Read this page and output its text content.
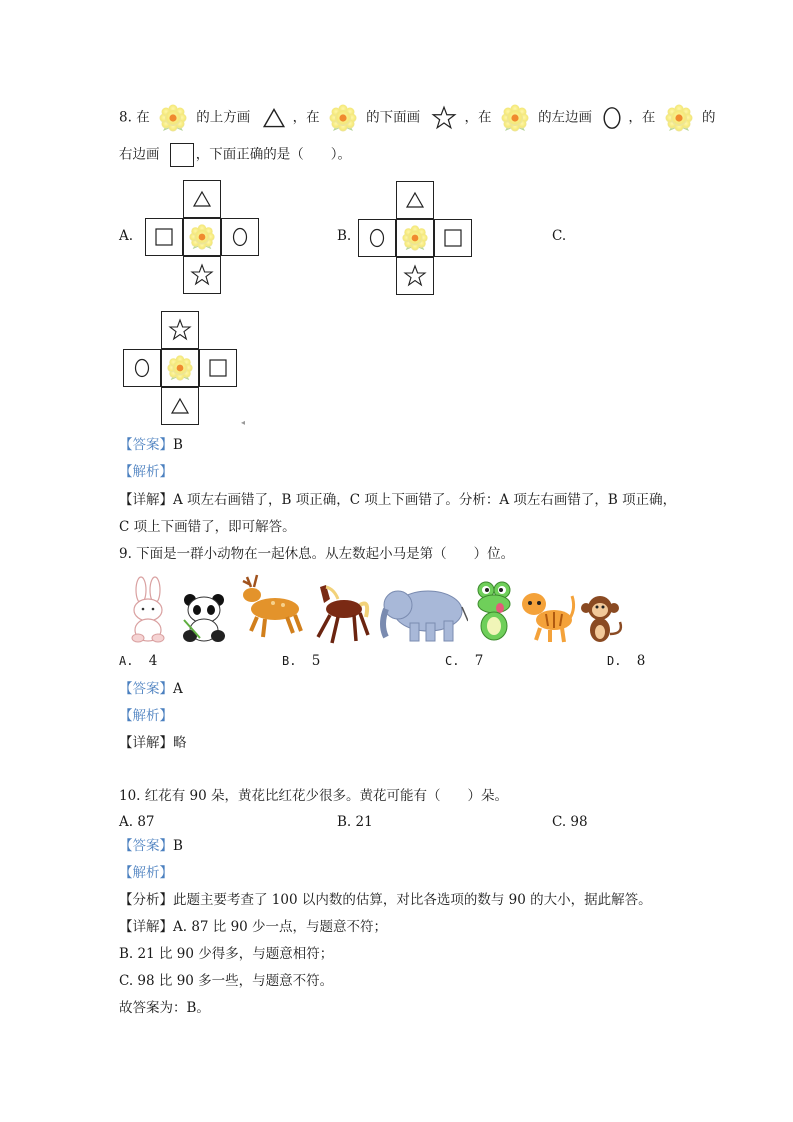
8. 在	的上方画	，在	的下面画	，在	的左边画	，在	的
右边画	，下面正确的是（　　）。
A.	B.	C.
◂
【答案】B
【解析】
【详解】A 项左右画错了，B 项正确，C 项上下画错了。分析：A 项左右画错了，B 项正确，
C 项上下画错了，即可解答。
9. 下面是一群小动物在一起休息。从左数起小马是第（　　）位。
A. 4	B. 5	C. 7	D. 8
【答案】A
【解析】
【详解】略
10. 红花有 90 朵，黄花比红花少很多。黄花可能有（　　）朵。
A. 87	B. 21	C. 98
【答案】B
【解析】
【分析】此题主要考查了 100 以内数的估算，对比各选项的数与 90 的大小，据此解答。
【详解】A. 87 比 90 少一点，与题意不符；
B. 21 比 90 少得多，与题意相符；
C. 98 比 90 多一些，与题意不符。
故答案为：B。
